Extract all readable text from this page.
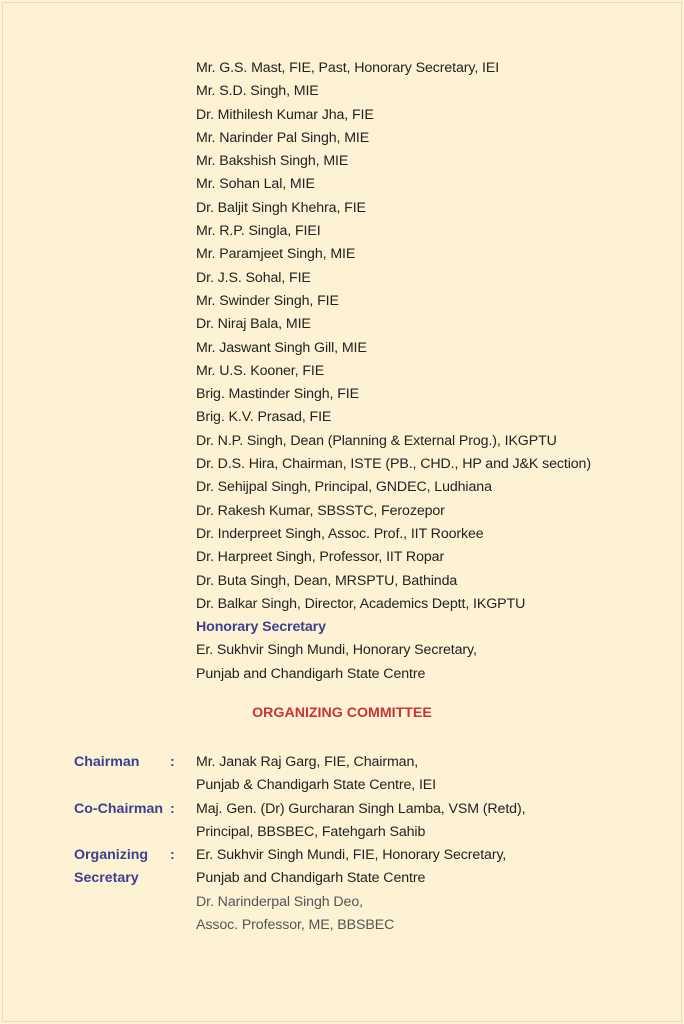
Mr. G.S. Mast, FIE, Past, Honorary Secretary, IEI
Mr. S.D. Singh, MIE
Dr. Mithilesh Kumar Jha, FIE
Mr. Narinder Pal Singh, MIE
Mr. Bakshish Singh, MIE
Mr. Sohan Lal, MIE
Dr. Baljit Singh Khehra, FIE
Mr. R.P. Singla, FIEI
Mr. Paramjeet Singh, MIE
Dr. J.S. Sohal, FIE
Mr. Swinder Singh, FIE
Dr. Niraj Bala, MIE
Mr. Jaswant Singh Gill, MIE
Mr. U.S. Kooner, FIE
Brig. Mastinder Singh, FIE
Brig. K.V. Prasad, FIE
Dr. N.P. Singh, Dean (Planning & External Prog.), IKGPTU
Dr. D.S. Hira, Chairman, ISTE (PB., CHD., HP and J&K section)
Dr. Sehijpal Singh, Principal, GNDEC, Ludhiana
Dr. Rakesh Kumar, SBSSTC, Ferozepor
Dr. Inderpreet Singh, Assoc. Prof., IIT Roorkee
Dr. Harpreet Singh, Professor, IIT Ropar
Dr. Buta Singh, Dean, MRSPTU, Bathinda
Dr. Balkar Singh, Director, Academics Deptt, IKGPTU
Honorary Secretary
Er. Sukhvir Singh Mundi, Honorary Secretary,
Punjab and Chandigarh State Centre
ORGANIZING COMMITTEE
Chairman	:	Mr. Janak Raj Garg, FIE, Chairman,
Punjab & Chandigarh State Centre, IEI
Co-Chairman :	Maj. Gen. (Dr) Gurcharan Singh Lamba, VSM (Retd),
Principal, BBSBEC, Fatehgarh Sahib
Organizing
Secretary
:	Er. Sukhvir Singh Mundi, FIE, Honorary Secretary,
Punjab and Chandigarh State Centre
Dr. Narinderpal Singh Deo,
Assoc. Professor, ME, BBSBEC
